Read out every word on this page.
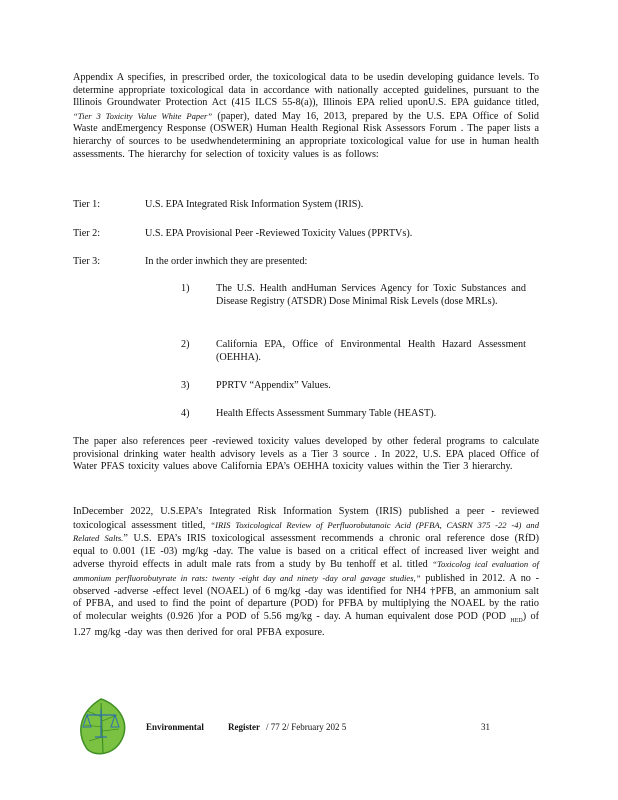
Appendix A specifies, in prescribed order, the toxicological data to be usedin developing guidance levels. To determine appropriate toxicological data in accordance with nationally accepted guidelines, pursuant to the Illinois Groundwater Protection Act (415 ILCS 55-8(a)), Illinois EPA relied uponU.S. EPA guidance titled, “Tier 3 Toxicity Value White Paper” (paper), dated May 16, 2013, prepared by the U.S. EPA Office of Solid Waste andEmergency Response (OSWER) Human Health Regional Risk Assessors Forum . The paper lists a hierarchy of sources to be usedwhendetermining an appropriate toxicological value for use in human health assessments. The hierarchy for selection of toxicity values is as follows:
Tier 1:	U.S. EPA Integrated Risk Information System (IRIS).
Tier 2:	U.S. EPA Provisional Peer -Reviewed Toxicity Values (PPRTVs).
Tier 3:	In the order inwhich they are presented:
1)	The U.S. Health andHuman Services Agency for Toxic Substances and Disease Registry (ATSDR) Dose Minimal Risk Levels (dose MRLs).
2)	California EPA, Office of Environmental Health Hazard Assessment (OEHHA).
3)	PPRTV “Appendix” Values.
4)	Health Effects Assessment Summary Table (HEAST).
The paper also references peer -reviewed toxicity values developed by other federal programs to calculate provisional drinking water health advisory levels as a Tier 3 source . In 2022, U.S. EPA placed Office of Water PFAS toxicity values above California EPA’s OEHHA toxicity values within the Tier 3 hierarchy.
InDecember 2022, U.S.EPA’s Integrated Risk Information System (IRIS) published a peer - reviewed toxicological assessment titled, “IRIS Toxicological Review of Perfluorobutanoic Acid (PFBA, CASRN 375 -22 -4) and Related Salts.” U.S. EPA’s IRIS toxicological assessment recommends a chronic oral reference dose (RfD) equal to 0.001 (1E -03) mg/kg -day. The value is based on a critical effect of increased liver weight and adverse thyroid effects in adult male rats from a study by Bu tenhoff et al. titled “Toxicolog ical evaluation of ammonium perfluorobutyrate in rats: twenty -eight day and ninety -day oral gavage studies,” published in 2012. A no -observed -adverse -effect level (NOAEL) of 6 mg/kg -day was identified for NH4 †PFB, an ammonium salt of PFBA, and used to find the point of departure (POD) for PFBA by multiplying the NOAEL by the ratio of molecular weights (0.926 )for a POD of 5.56 mg/kg - day. A human equivalent dose POD (POD $_{HED}$) of 1.27 mg/kg -day was then derived for oral PFBA exposure.
Environmental	Register / 77 2/ February 202 5	31
